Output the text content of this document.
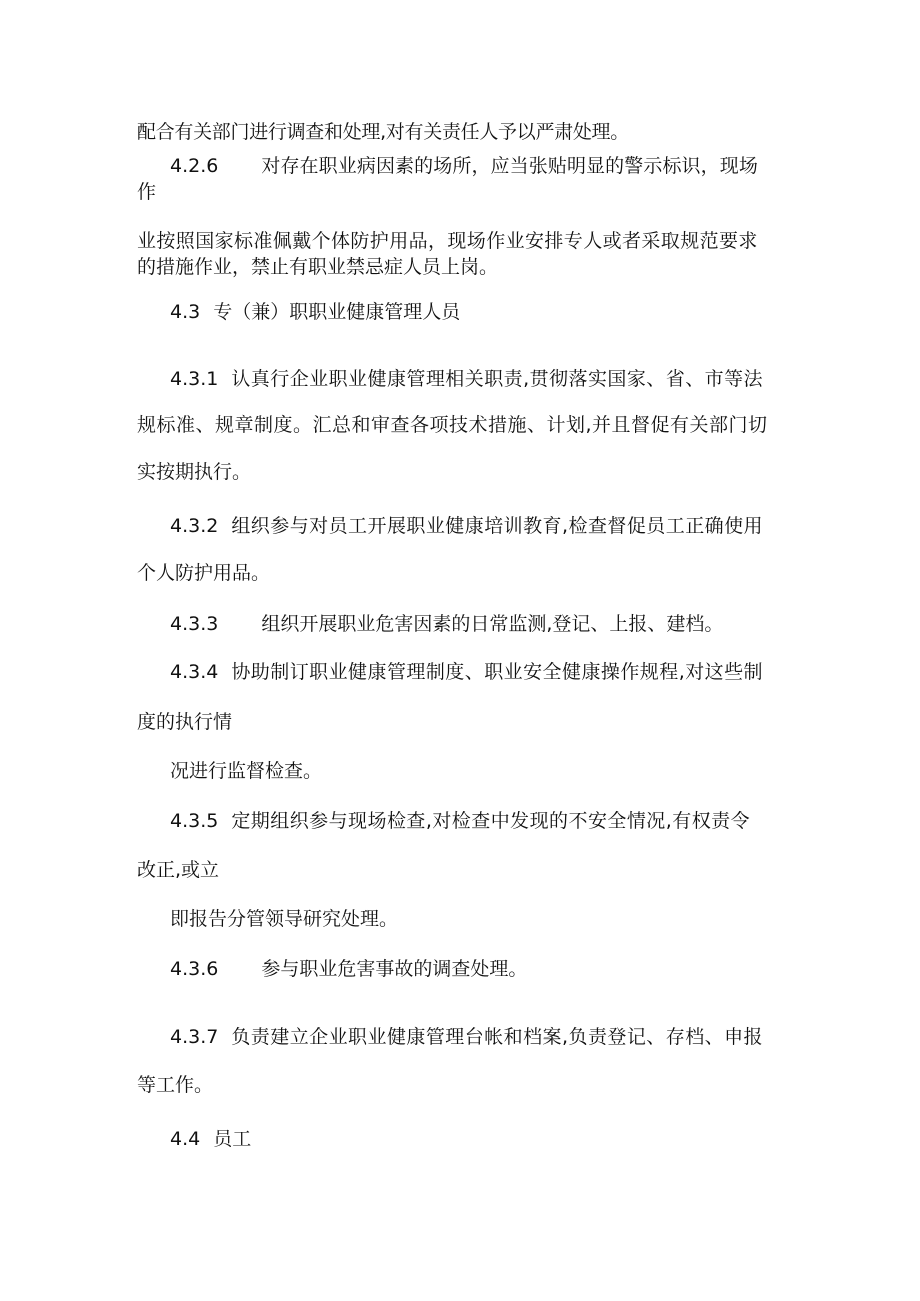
配合有关部门进行调查和处理,对有关责任人予以严肃处理。
4.2.6 对存在职业病因素的场所，应当张贴明显的警示标识，现场
作
业按照国家标准佩戴个体防护用品，现场作业安排专人或者采取规范要求
的措施作业，禁止有职业禁忌症人员上岗。
4.3 专（兼）职职业健康管理人员
4.3.1 认真行企业职业健康管理相关职责,贯彻落实国家、省、市等法
规标准、规章制度。汇总和审查各项技术措施、计划,并且督促有关部门切
实按期执行。
4.3.2 组织参与对员工开展职业健康培训教育,检查督促员工正确使用
个人防护用品。
4.3.3 组织开展职业危害因素的日常监测,登记、上报、建档。
4.3.4 协助制订职业健康管理制度、职业安全健康操作规程,对这些制
度的执行情
况进行监督检查。
4.3.5 定期组织参与现场检查,对检查中发现的不安全情况,有权责令
改正,或立
即报告分管领导研究处理。
4.3.6 参与职业危害事故的调查处理。
4.3.7 负责建立企业职业健康管理台帐和档案,负责登记、存档、申报
等工作。
4.4 员工
